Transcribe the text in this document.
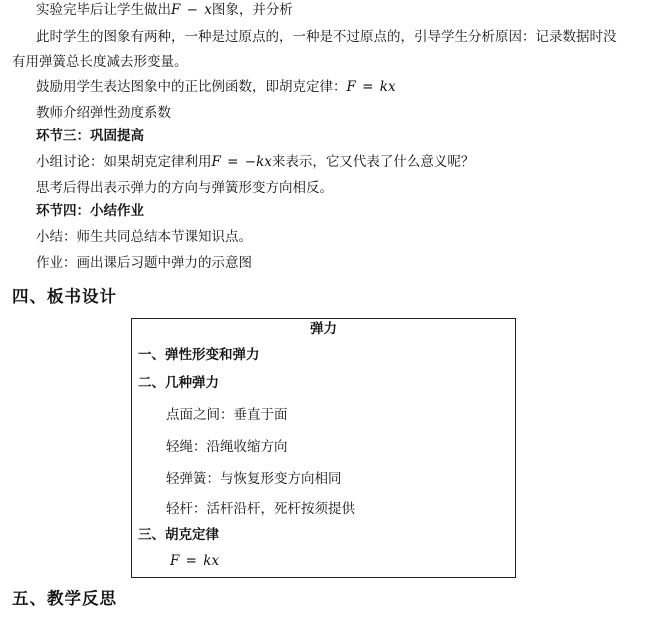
实验完毕后让学生做出F − x图象，并分析
此时学生的图象有两种，一种是过原点的，一种是不过原点的，引导学生分析原因：记录数据时没
有用弹簧总长度减去形变量。
鼓励用学生表达图象中的正比例函数，即胡克定律：F = kx
教师介绍弹性劲度系数
环节三：巩固提高
小组讨论：如果胡克定律利用F = −kx来表示，它又代表了什么意义呢？
思考后得出表示弹力的方向与弹簧形变方向相反。
环节四：小结作业
小结：师生共同总结本节课知识点。
作业：画出课后习题中弹力的示意图
四、板书设计
弹力
一、弹性形变和弹力
二、几种弹力
点面之间：垂直于面
轻绳：沿绳收缩方向
轻弹簧：与恢复形变方向相同
轻杆：活杆沿杆，死杆按须提供
三、胡克定律
F = kx
五、教学反思
